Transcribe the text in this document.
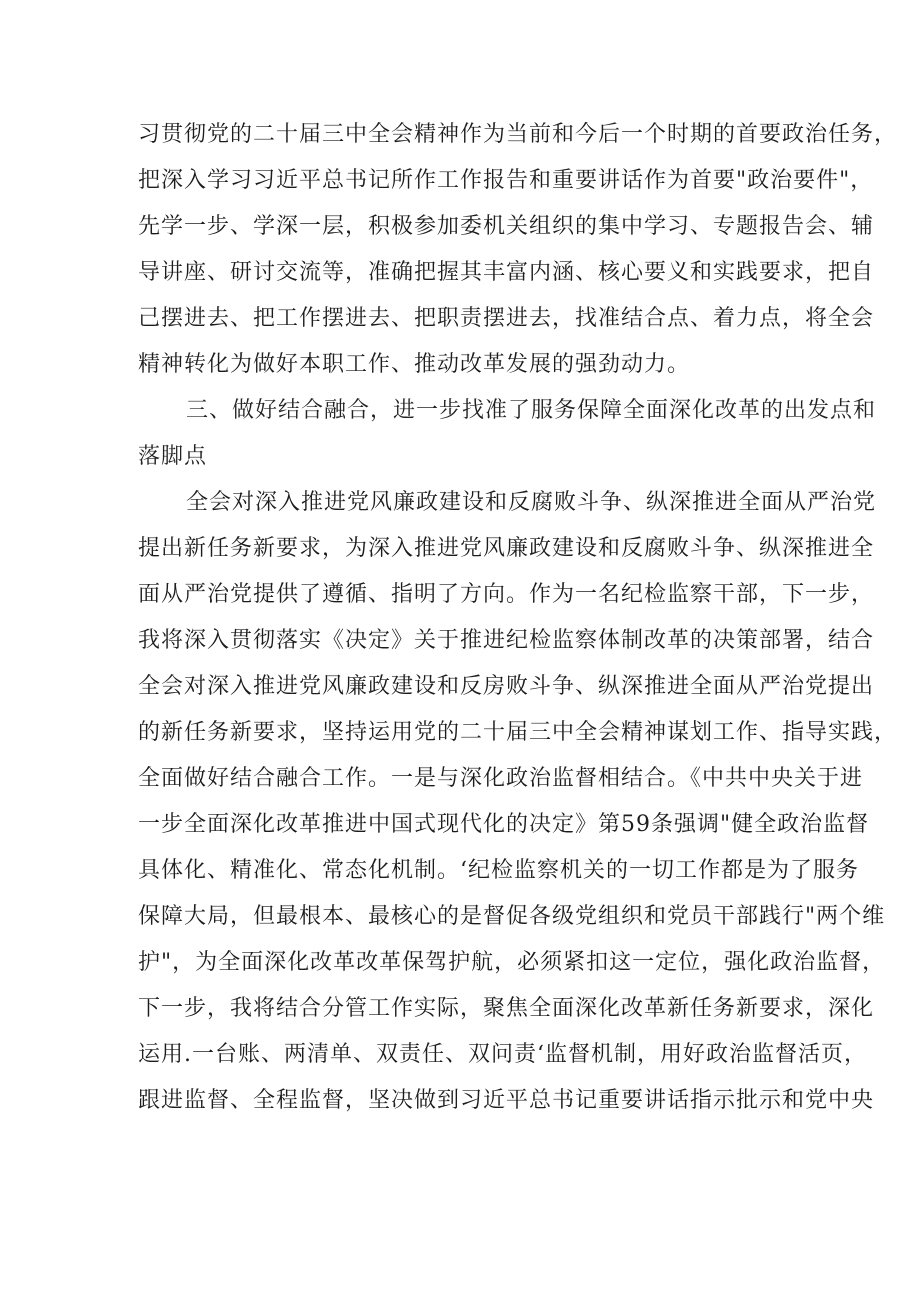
习贯彻党的二十届三中全会精神作为当前和今后一个时期的首要政治任务，
把深入学习习近平总书记所作工作报告和重要讲话作为首要"政治要件"，
先学一步、学深一层，积极参加委机关组织的集中学习、专题报告会、辅
导讲座、研讨交流等，准确把握其丰富内涵、核心要义和实践要求，把自
己摆进去、把工作摆进去、把职责摆进去，找准结合点、着力点，将全会
精神转化为做好本职工作、推动改革发展的强劲动力。
三、做好结合融合，进一步找准了服务保障全面深化改革的出发点和
落脚点
全会对深入推进党风廉政建设和反腐败斗争、纵深推进全面从严治党
提出新任务新要求，为深入推进党风廉政建设和反腐败斗争、纵深推进全
面从严治党提供了遵循、指明了方向。作为一名纪检监察干部，下一步，
我将深入贯彻落实《决定》关于推进纪检监察体制改革的决策部署，结合
全会对深入推进党风廉政建设和反房败斗争、纵深推进全面从严治党提出
的新任务新要求，坚持运用党的二十届三中全会精神谋划工作、指导实践，
全面做好结合融合工作。一是与深化政治监督相结合。《中共中央关于进
一步全面深化改革推进中国式现代化的决定》第59条强调"健全政治监督
具体化、精准化、常态化机制。‘纪检监察机关的一切工作都是为了服务
保障大局，但最根本、最核心的是督促各级党组织和党员干部践行"两个维
护"，为全面深化改革改革保驾护航，必须紧扣这一定位，强化政治监督，
下一步，我将结合分管工作实际，聚焦全面深化改革新任务新要求，深化
运用.一台账、两清单、双责任、双问责‘监督机制，用好政治监督活页，
跟进监督、全程监督，坚决做到习近平总书记重要讲话指示批示和党中央
